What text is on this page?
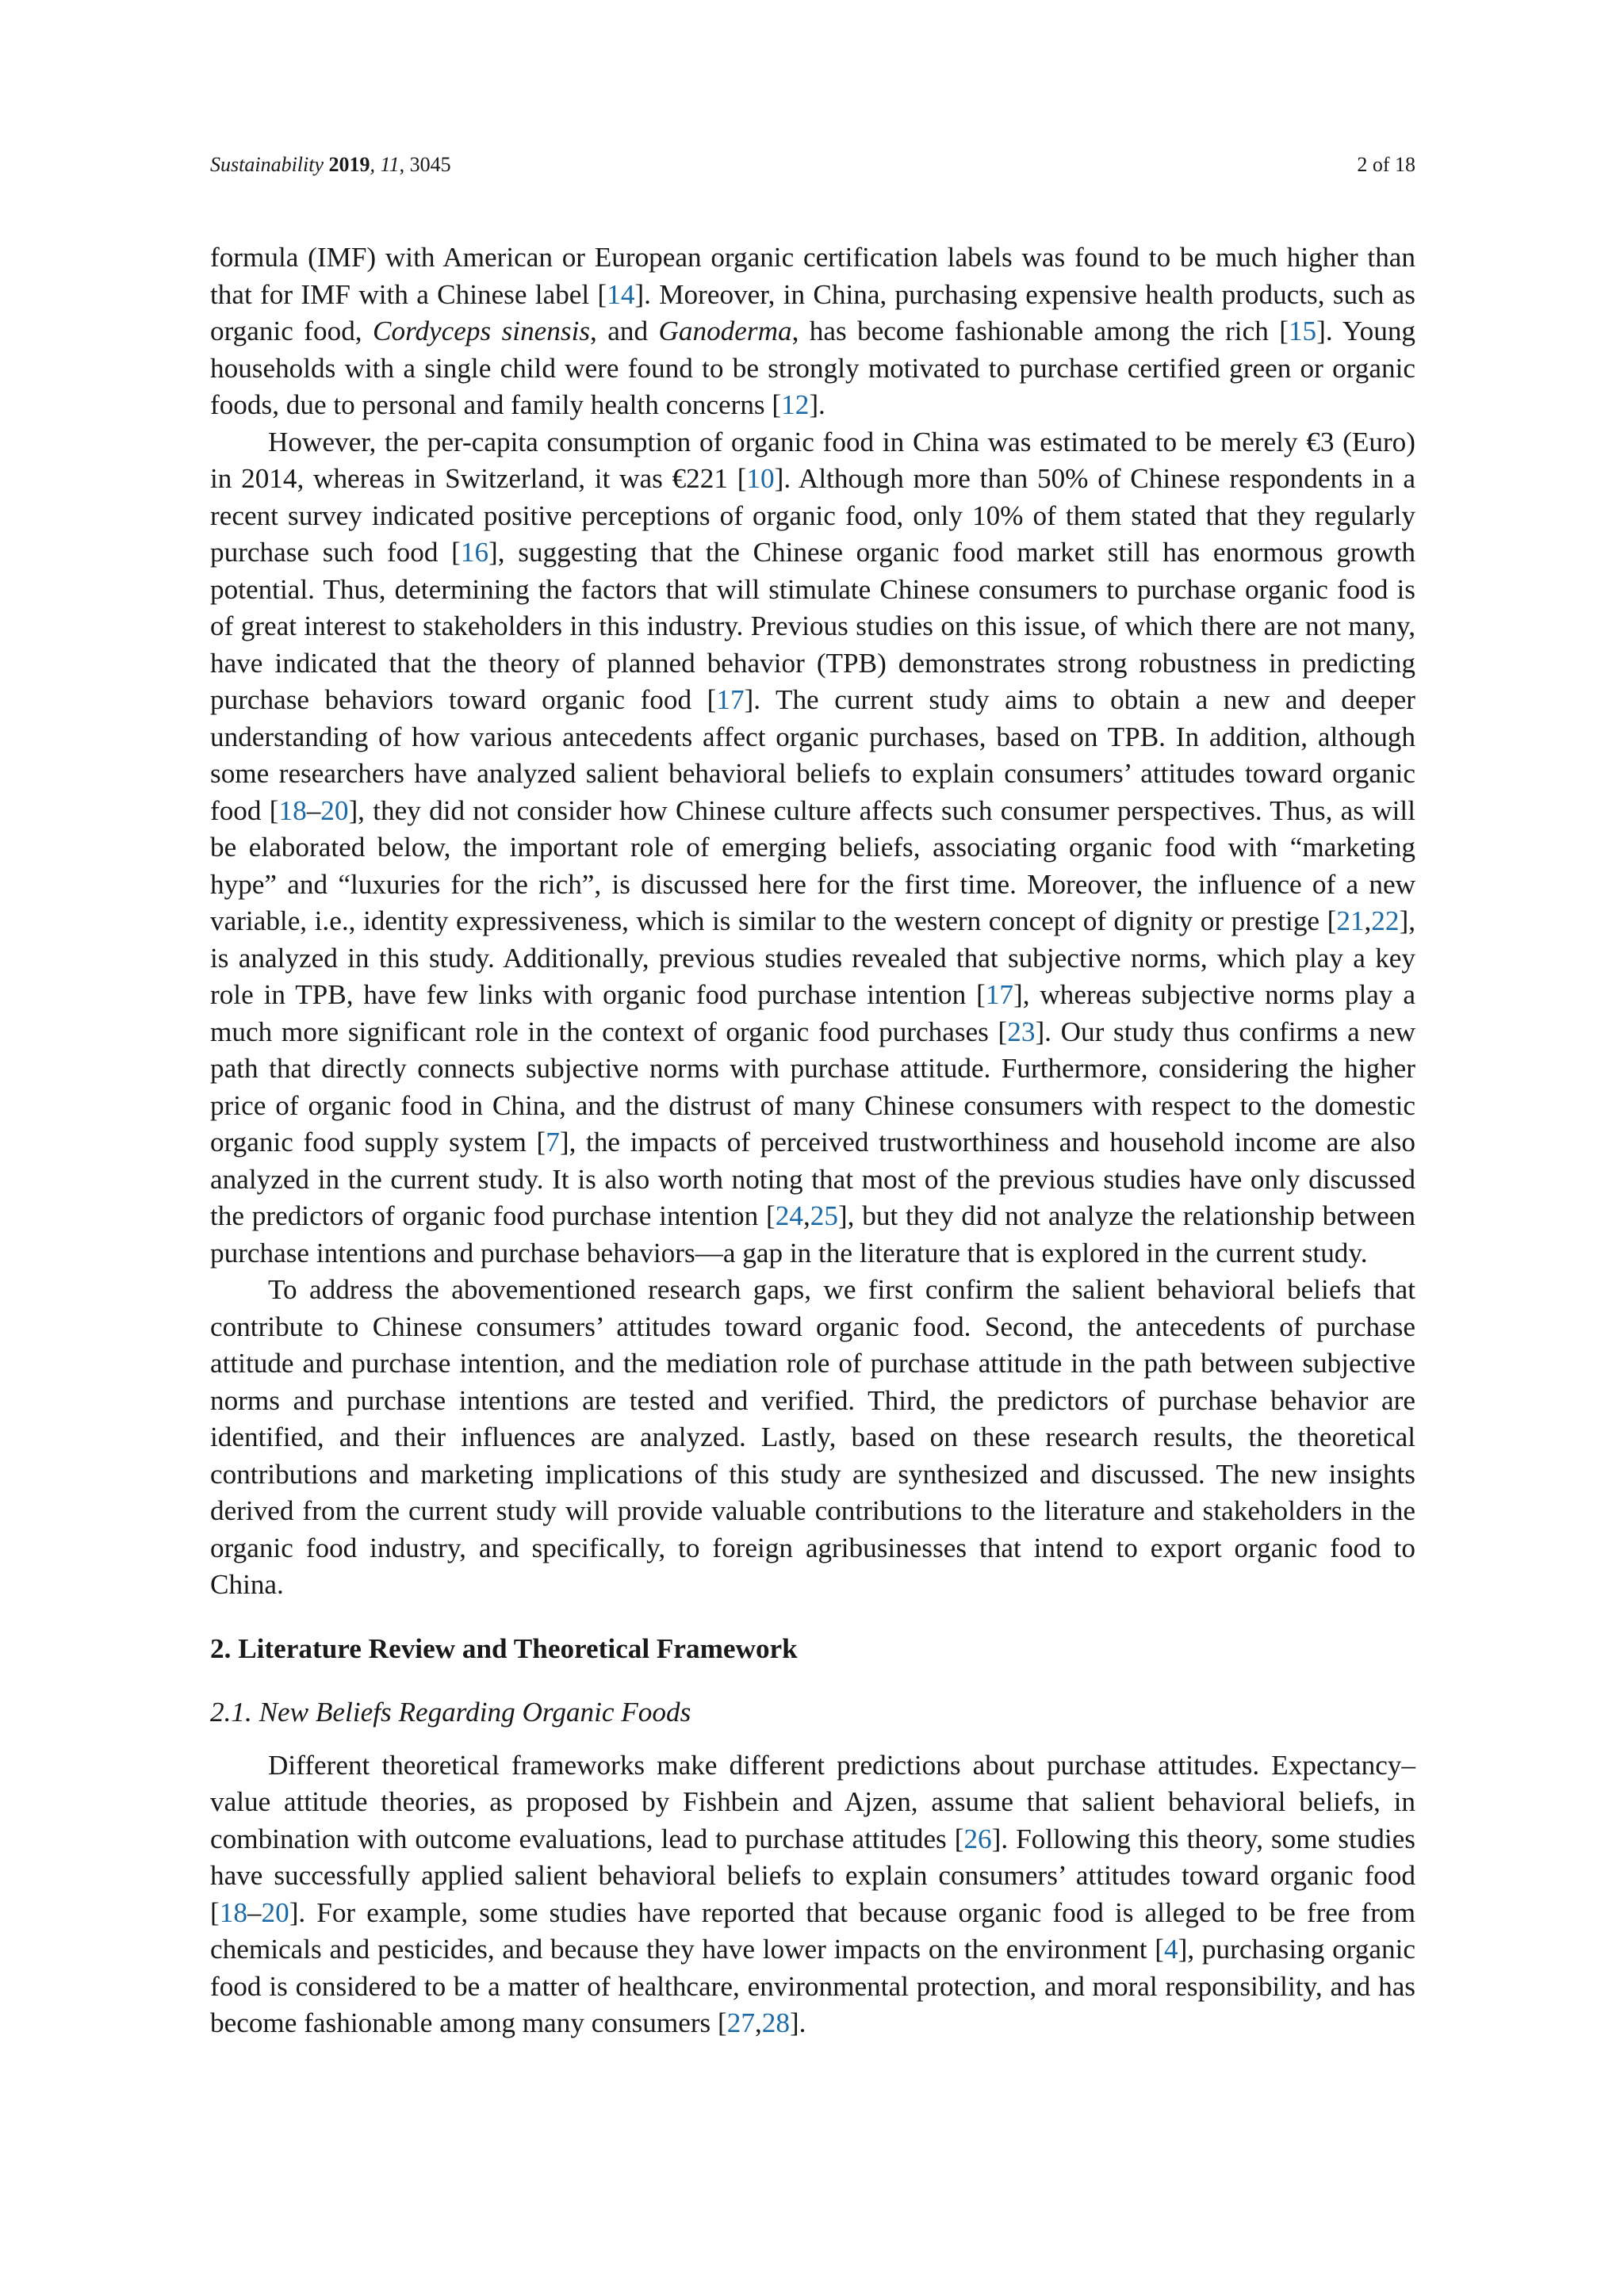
Sustainability 2019, 11, 3045	2 of 18

formula (IMF) with American or European organic certification labels was found to be much higher than that for IMF with a Chinese label [14]. Moreover, in China, purchasing expensive health products, such as organic food, Cordyceps sinensis, and Ganoderma, has become fashionable among the rich [15]. Young households with a single child were found to be strongly motivated to purchase certified green or organic foods, due to personal and family health concerns [12].

However, the per-capita consumption of organic food in China was estimated to be merely €3 (Euro) in 2014, whereas in Switzerland, it was €221 [10]. Although more than 50% of Chinese respondents in a recent survey indicated positive perceptions of organic food, only 10% of them stated that they regularly purchase such food [16], suggesting that the Chinese organic food market still has enormous growth potential. Thus, determining the factors that will stimulate Chinese consumers to purchase organic food is of great interest to stakeholders in this industry. Previous studies on this issue, of which there are not many, have indicated that the theory of planned behavior (TPB) demonstrates strong robustness in predicting purchase behaviors toward organic food [17]. The current study aims to obtain a new and deeper understanding of how various antecedents affect organic purchases, based on TPB. In addition, although some researchers have analyzed salient behavioral beliefs to explain consumers’ attitudes toward organic food [18–20], they did not consider how Chinese culture affects such consumer perspectives. Thus, as will be elaborated below, the important role of emerging beliefs, associating organic food with “marketing hype” and “luxuries for the rich”, is discussed here for the first time. Moreover, the influence of a new variable, i.e., identity expressiveness, which is similar to the western concept of dignity or prestige [21,22], is analyzed in this study. Additionally, previous studies revealed that subjective norms, which play a key role in TPB, have few links with organic food purchase intention [17], whereas subjective norms play a much more significant role in the context of organic food purchases [23]. Our study thus confirms a new path that directly connects subjective norms with purchase attitude. Furthermore, considering the higher price of organic food in China, and the distrust of many Chinese consumers with respect to the domestic organic food supply system [7], the impacts of perceived trustworthiness and household income are also analyzed in the current study. It is also worth noting that most of the previous studies have only discussed the predictors of organic food purchase intention [24,25], but they did not analyze the relationship between purchase intentions and purchase behaviors—a gap in the literature that is explored in the current study.

To address the abovementioned research gaps, we first confirm the salient behavioral beliefs that contribute to Chinese consumers’ attitudes toward organic food. Second, the antecedents of purchase attitude and purchase intention, and the mediation role of purchase attitude in the path between subjective norms and purchase intentions are tested and verified. Third, the predictors of purchase behavior are identified, and their influences are analyzed. Lastly, based on these research results, the theoretical contributions and marketing implications of this study are synthesized and discussed. The new insights derived from the current study will provide valuable contributions to the literature and stakeholders in the organic food industry, and specifically, to foreign agribusinesses that intend to export organic food to China.

2. Literature Review and Theoretical Framework
2.1. New Beliefs Regarding Organic Foods

Different theoretical frameworks make different predictions about purchase attitudes. Expectancy–value attitude theories, as proposed by Fishbein and Ajzen, assume that salient behavioral beliefs, in combination with outcome evaluations, lead to purchase attitudes [26]. Following this theory, some studies have successfully applied salient behavioral beliefs to explain consumers’ attitudes toward organic food [18–20]. For example, some studies have reported that because organic food is alleged to be free from chemicals and pesticides, and because they have lower impacts on the environment [4], purchasing organic food is considered to be a matter of healthcare, environmental protection, and moral responsibility, and has become fashionable among many consumers [27,28].
